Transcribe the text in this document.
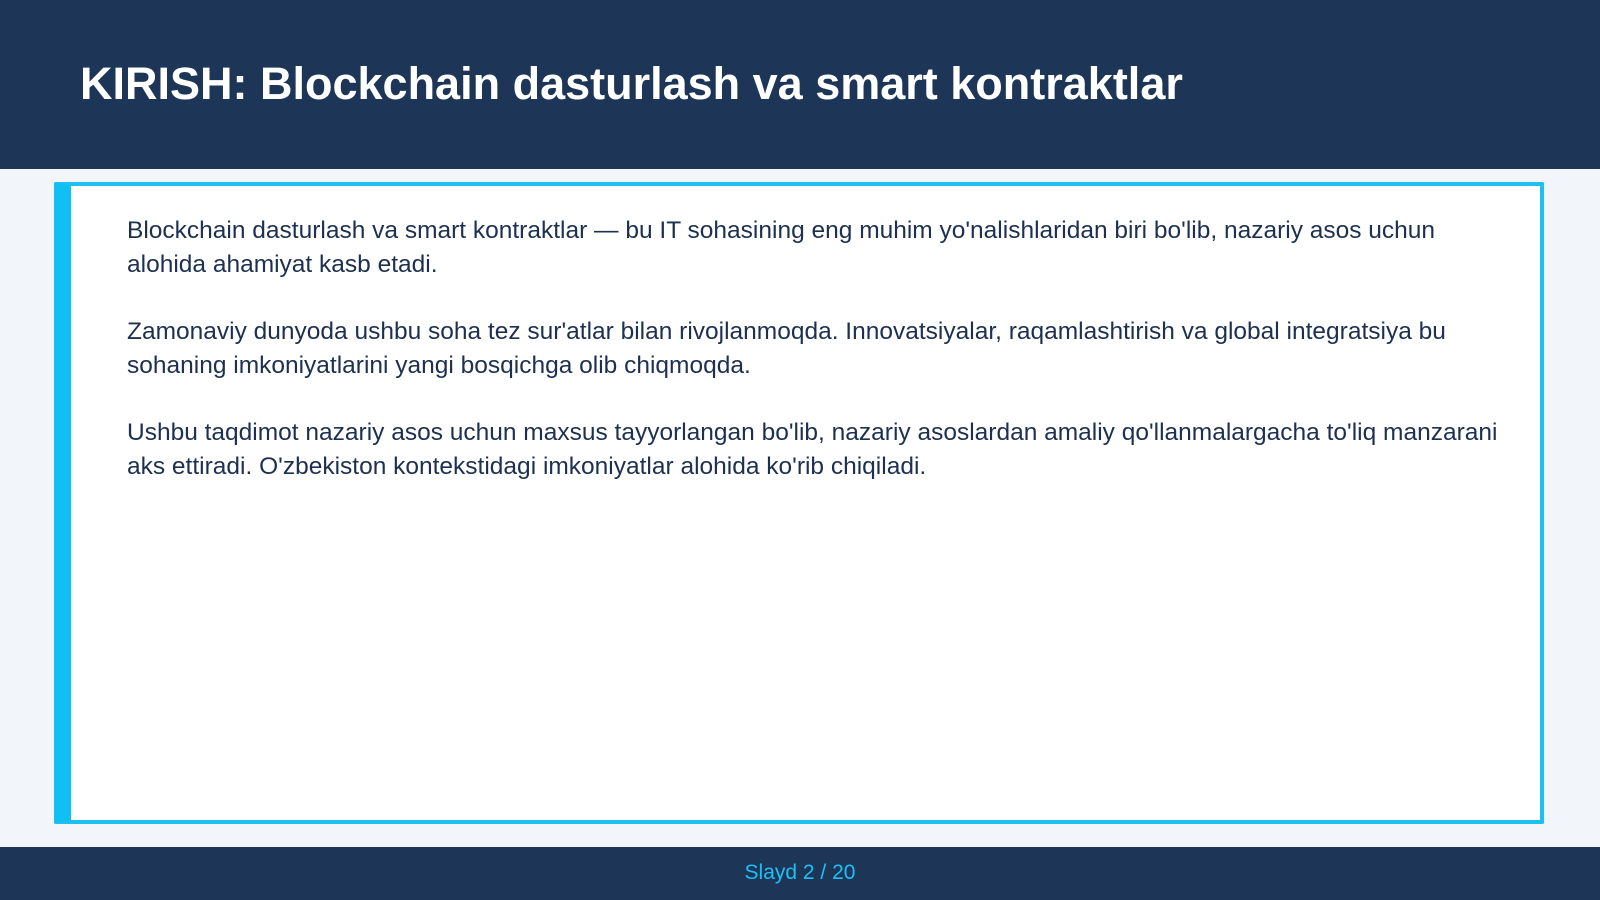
KIRISH: Blockchain dasturlash va smart kontraktlar

Blockchain dasturlash va smart kontraktlar — bu IT sohasining eng muhim yo'nalishlaridan biri bo'lib, nazariy asos uchun alohida ahamiyat kasb etadi.

Zamonaviy dunyoda ushbu soha tez sur'atlar bilan rivojlanmoqda. Innovatsiyalar, raqamlashtirish va global integratsiya bu sohaning imkoniyatlarini yangi bosqichga olib chiqmoqda.

Ushbu taqdimot nazariy asos uchun maxsus tayyorlangan bo'lib, nazariy asoslardan amaliy qo'llanmalargacha to'liq manzarani aks ettiradi. O'zbekiston kontekstidagi imkoniyatlar alohida ko'rib chiqiladi.

Slayd 2 / 20
